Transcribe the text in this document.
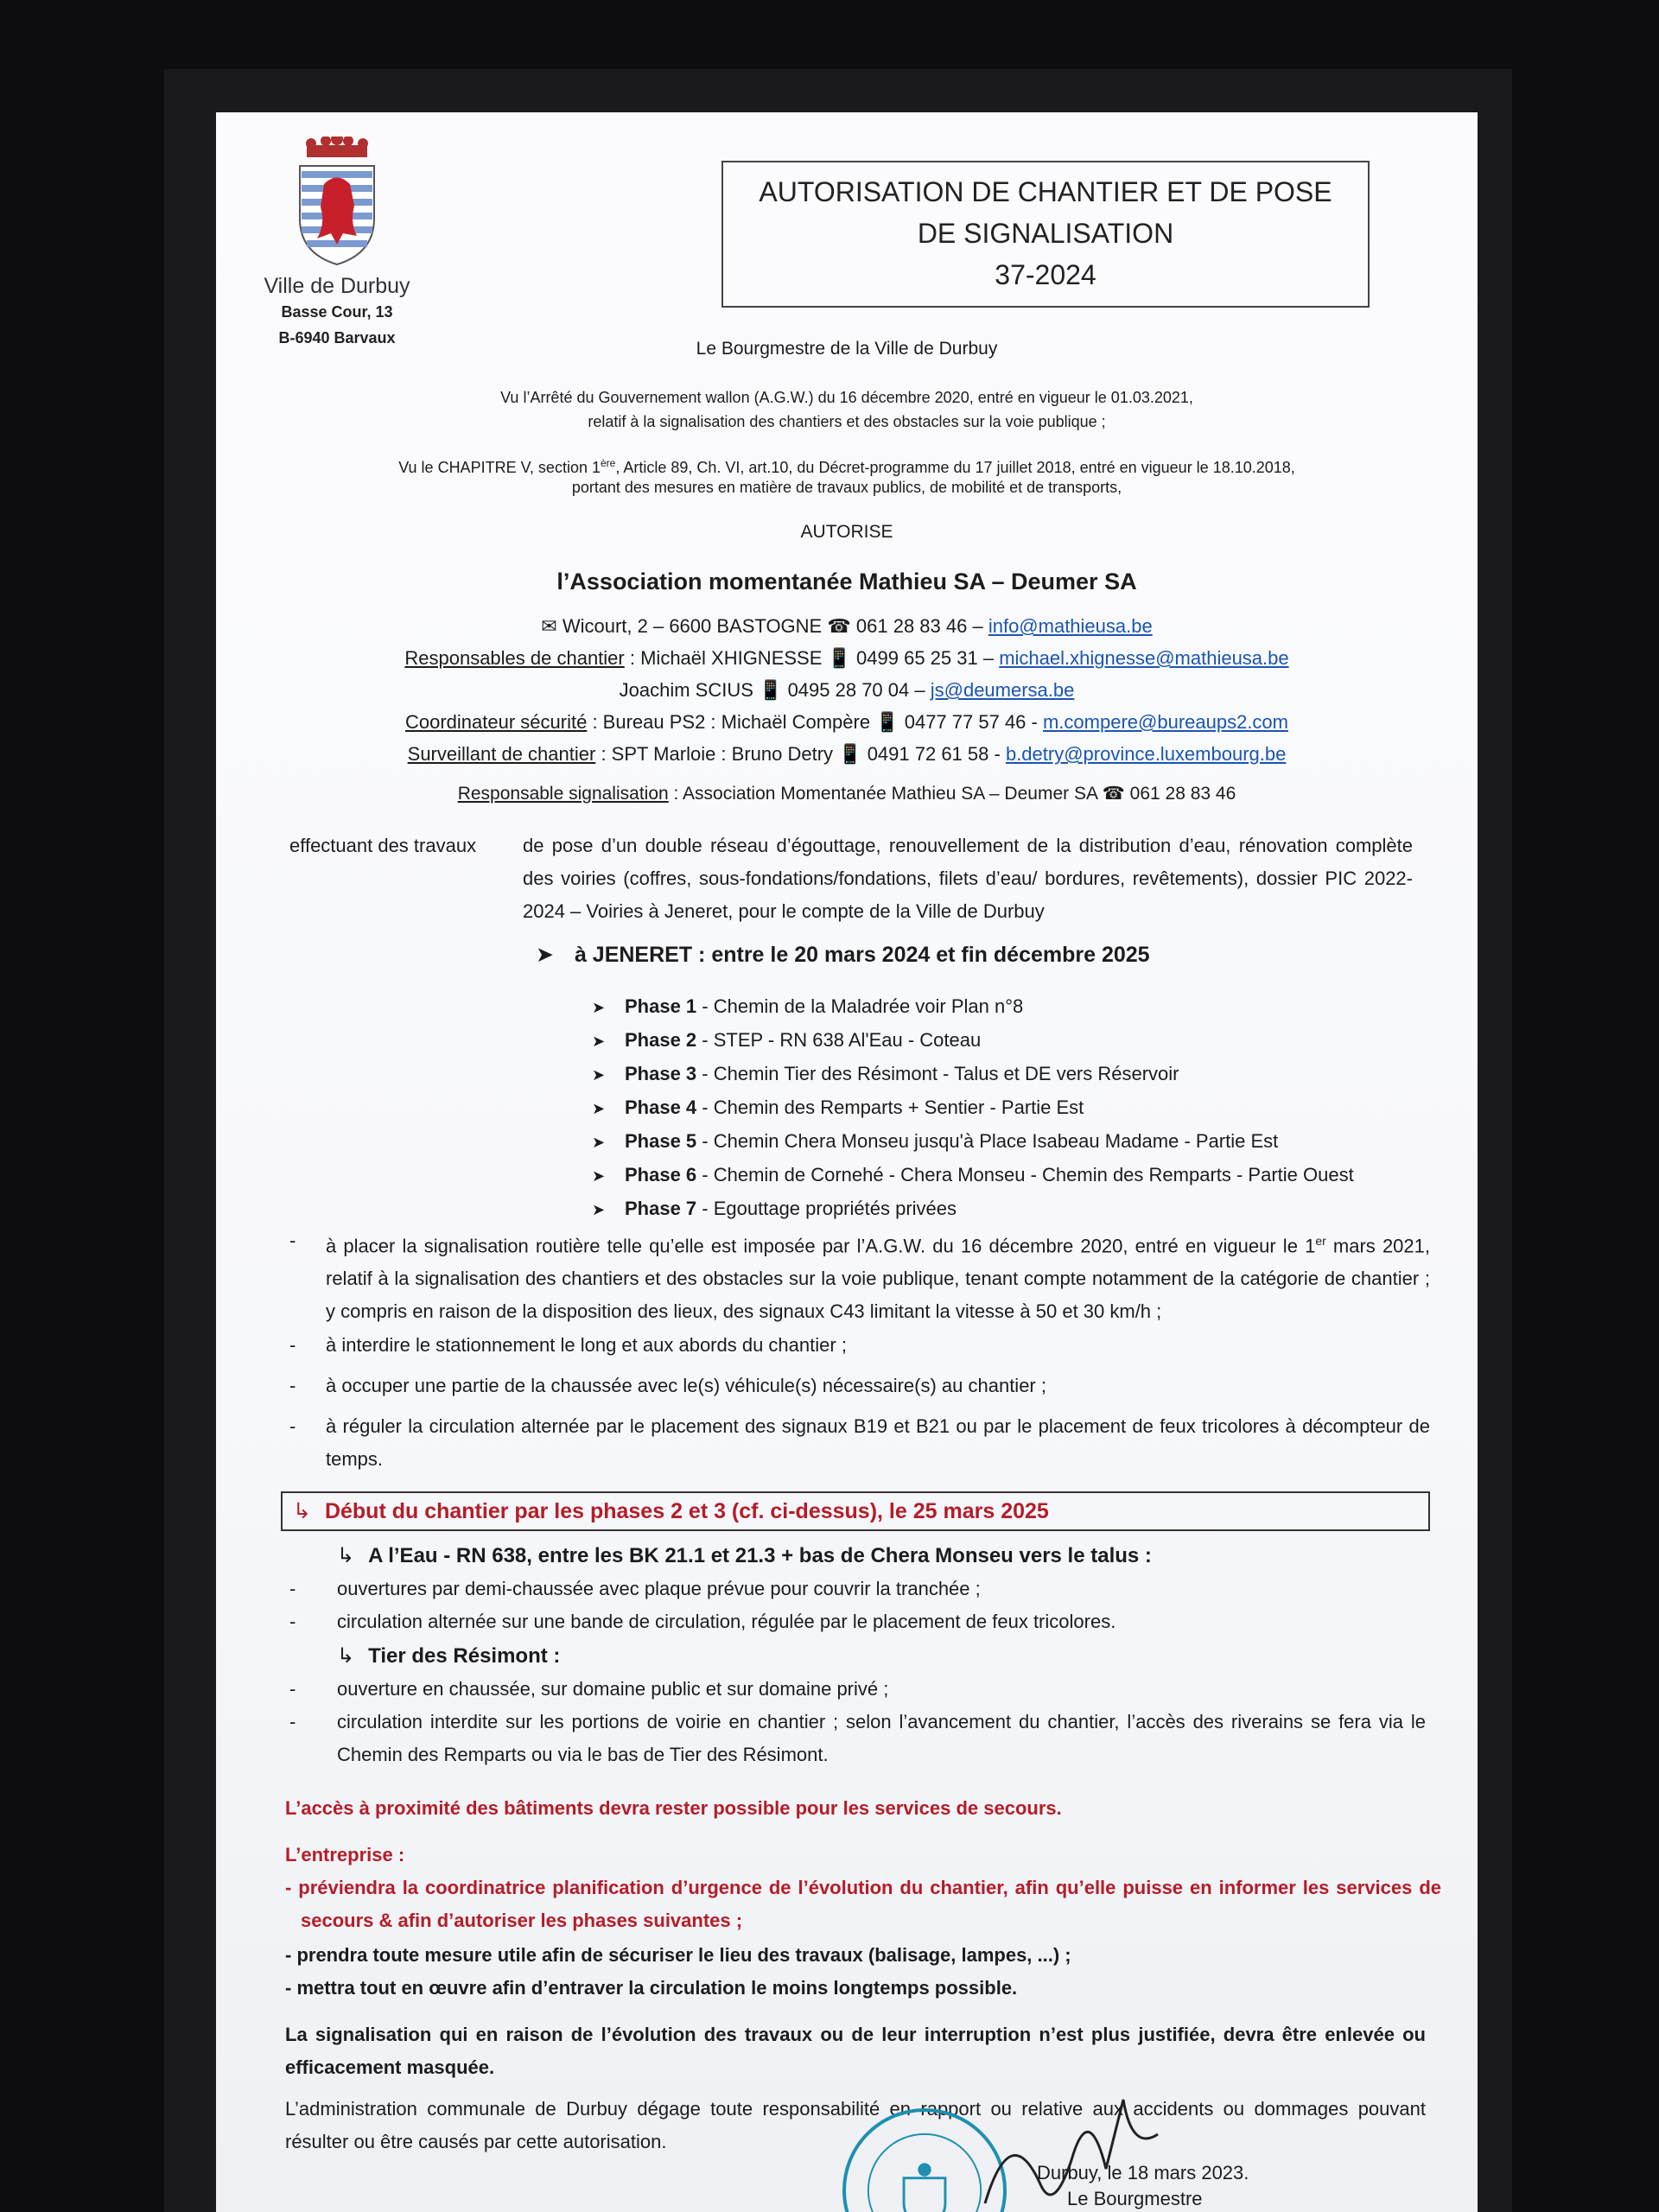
Ville de Durbuy
Basse Cour, 13
B-6940 Barvaux
AUTORISATION DE CHANTIER ET DE POSE
DE SIGNALISATION
37-2024
Le Bourgmestre de la Ville de Durbuy
Vu l’Arrêté du Gouvernement wallon (A.G.W.) du 16 décembre 2020, entré en vigueur le 01.03.2021,
relatif à la signalisation des chantiers et des obstacles sur la voie publique ;
Vu le CHAPITRE V, section 1ère, Article 89, Ch. VI, art.10, du Décret-programme du 17 juillet 2018, entré en vigueur le 18.10.2018,
portant des mesures en matière de travaux publics, de mobilité et de transports,
AUTORISE
l’Association momentanée Mathieu SA – Deumer SA
✉ Wicourt, 2 – 6600 BASTOGNE ☎ 061 28 83 46 – info@mathieusa.be
Responsables de chantier : Michaël XHIGNESSE 📱 0499 65 25 31 – michael.xhignesse@mathieusa.be
Joachim SCIUS 📱 0495 28 70 04 – js@deumersa.be
Coordinateur sécurité : Bureau PS2 : Michaël Compère 📱 0477 77 57 46 - m.compere@bureaups2.com
Surveillant de chantier : SPT Marloie : Bruno Detry 📱 0491 72 61 58 - b.detry@province.luxembourg.be
Responsable signalisation : Association Momentanée Mathieu SA – Deumer SA ☎ 061 28 83 46
effectuant des travaux	de pose d’un double réseau d’égouttage, renouvellement de la distribution d’eau, rénovation complète des voiries (coffres, sous-fondations/fondations, filets d’eau/ bordures, revêtements), dossier PIC 2022-2024 – Voiries à Jeneret, pour le compte de la Ville de Durbuy
➤ à JENERET : entre le 20 mars 2024 et fin décembre 2025
➤ Phase 1 - Chemin de la Maladrée voir Plan n°8
➤ Phase 2 - STEP - RN 638 Al'Eau - Coteau
➤ Phase 3 - Chemin Tier des Résimont - Talus et DE vers Réservoir
➤ Phase 4 - Chemin des Remparts + Sentier - Partie Est
➤ Phase 5 - Chemin Chera Monseu jusqu'à Place Isabeau Madame - Partie Est
➤ Phase 6 - Chemin de Cornehé - Chera Monseu - Chemin des Remparts - Partie Ouest
➤ Phase 7 - Egouttage propriétés privées
- à placer la signalisation routière telle qu’elle est imposée par l’A.G.W. du 16 décembre 2020, entré en vigueur le 1er mars 2021, relatif à la signalisation des chantiers et des obstacles sur la voie publique, tenant compte notamment de la catégorie de chantier ; y compris en raison de la disposition des lieux, des signaux C43 limitant la vitesse à 50 et 30 km/h ;
- à interdire le stationnement le long et aux abords du chantier ;
- à occuper une partie de la chaussée avec le(s) véhicule(s) nécessaire(s) au chantier ;
- à réguler la circulation alternée par le placement des signaux B19 et B21 ou par le placement de feux tricolores à décompteur de temps.
↳ Début du chantier par les phases 2 et 3 (cf. ci-dessus), le 25 mars 2025
↳ A l’Eau - RN 638, entre les BK 21.1 et 21.3 + bas de Chera Monseu vers le talus :
- ouvertures par demi-chaussée avec plaque prévue pour couvrir la tranchée ;
- circulation alternée sur une bande de circulation, régulée par le placement de feux tricolores.
↳ Tier des Résimont :
- ouverture en chaussée, sur domaine public et sur domaine privé ;
- circulation interdite sur les portions de voirie en chantier ; selon l’avancement du chantier, l’accès des riverains se fera via le Chemin des Remparts ou via le bas de Tier des Résimont.
L’accès à proximité des bâtiments devra rester possible pour les services de secours.
L’entreprise :
- préviendra la coordinatrice planification d’urgence de l’évolution du chantier, afin qu’elle puisse en informer les services de secours & afin d’autoriser les phases suivantes ;
- prendra toute mesure utile afin de sécuriser le lieu des travaux (balisage, lampes, ...) ;
- mettra tout en œuvre afin d’entraver la circulation le moins longtemps possible.
La signalisation qui en raison de l’évolution des travaux ou de leur interruption n’est plus justifiée, devra être enlevée ou efficacement masquée.
L’administration communale de Durbuy dégage toute responsabilité en rapport ou relative aux accidents ou dommages pouvant résulter ou être causés par cette autorisation.
Durbuy, le 18 mars 2023.
Le Bourgmestre
